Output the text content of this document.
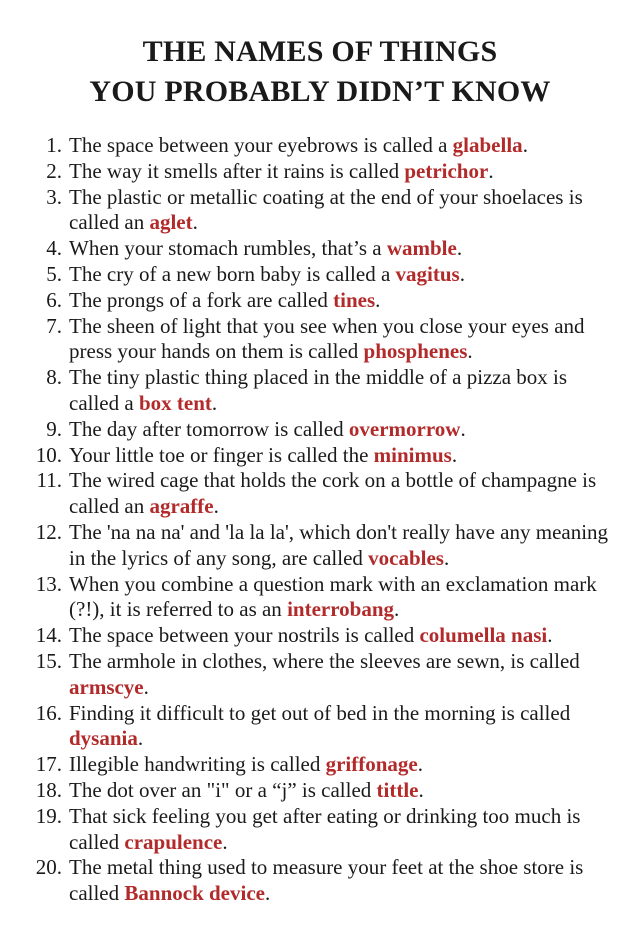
THE NAMES OF THINGS
YOU PROBABLY DIDN’T KNOW
1. The space between your eyebrows is called a glabella.
2. The way it smells after it rains is called petrichor.
3. The plastic or metallic coating at the end of your shoelaces is called an aglet.
4. When your stomach rumbles, that’s a wamble.
5. The cry of a new born baby is called a vagitus.
6. The prongs of a fork are called tines.
7. The sheen of light that you see when you close your eyes and press your hands on them is called phosphenes.
8. The tiny plastic thing placed in the middle of a pizza box is called a box tent.
9. The day after tomorrow is called overmorrow.
10. Your little toe or finger is called the minimus.
11. The wired cage that holds the cork on a bottle of champagne is called an agraffe.
12. The 'na na na' and 'la la la', which don't really have any meaning in the lyrics of any song, are called vocables.
13. When you combine a question mark with an exclamation mark (?!), it is referred to as an interrobang.
14. The space between your nostrils is called columella nasi.
15. The armhole in clothes, where the sleeves are sewn, is called armscye.
16. Finding it difficult to get out of bed in the morning is called dysania.
17. Illegible handwriting is called griffonage.
18. The dot over an "i" or a “j” is called tittle.
19. That sick feeling you get after eating or drinking too much is called crapulence.
20. The metal thing used to measure your feet at the shoe store is called Bannock device.
